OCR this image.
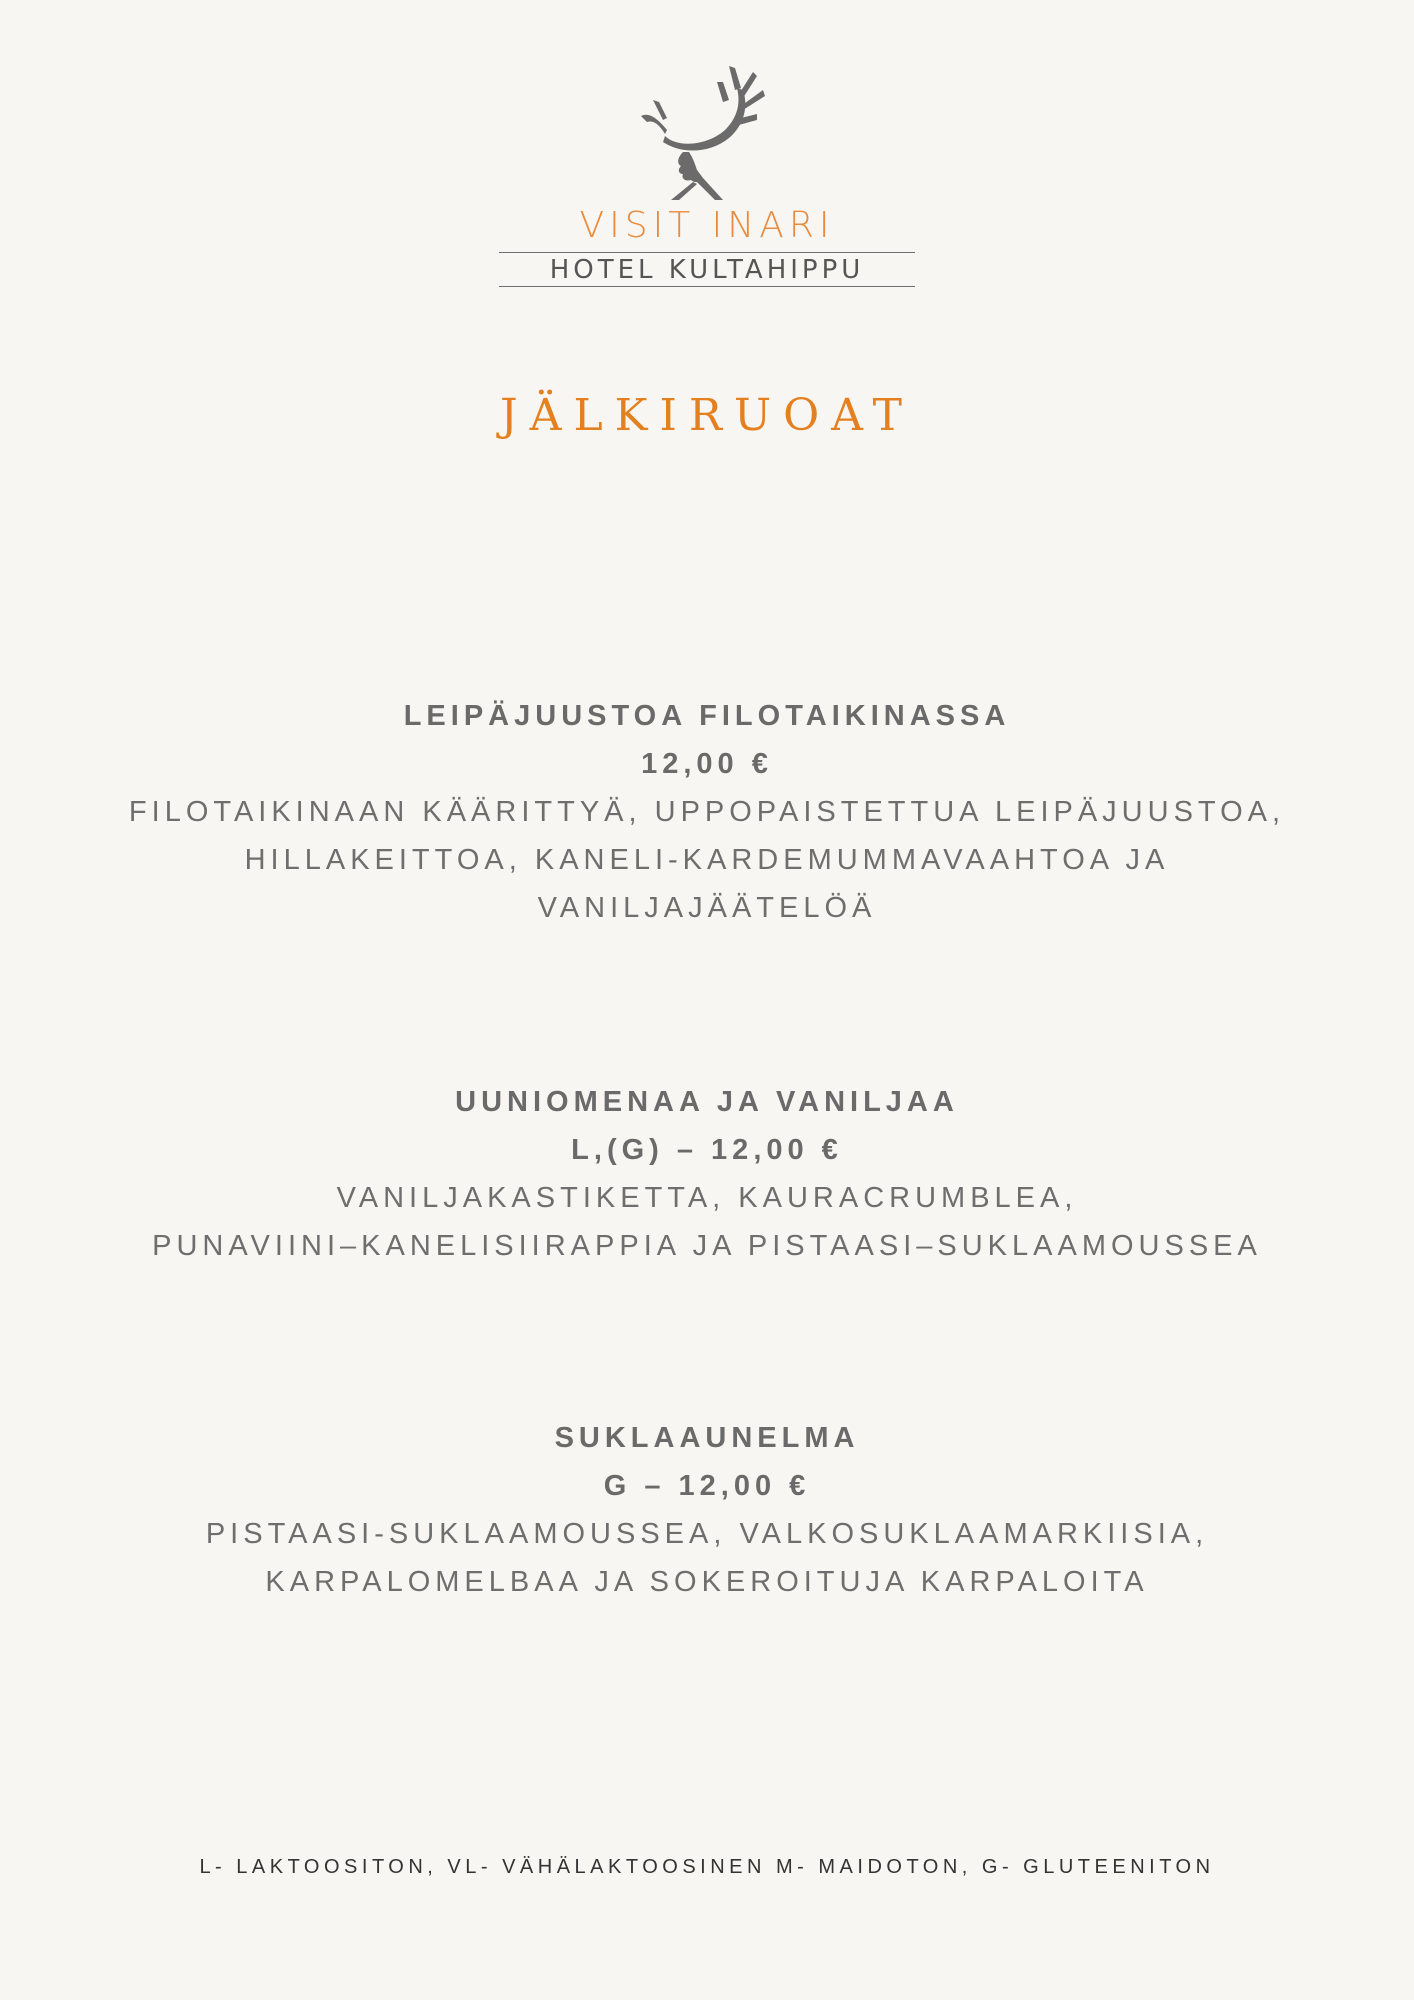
VISIT INARI
HOTEL KULTAHIPPU
JÄLKIRUOAT
LEIPÄJUUSTOA FILOTAIKINASSA
12,00 €
FILOTAIKINAAN KÄÄRITTYÄ, UPPOPAISTETTUA LEIPÄJUUSTOA,
HILLAKEITTOA, KANELI-KARDEMUMMAVAAHTOA JA
VANILJAJÄÄTELÖÄ
UUNIOMENAA JA VANILJAA
L,(G) – 12,00 €
VANILJAKASTIKETTA, KAURACRUMBLEA,
PUNAVIINI–KANELISIIRAPPIA JA PISTAASI–SUKLAAMOUSSEA
SUKLAAUNELMA
G – 12,00 €
PISTAASI-SUKLAAMOUSSEA, VALKOSUKLAAMARKIISIA,
KARPALOMELBAA JA SOKEROITUJA KARPALOITA
L- LAKTOOSITON, VL- VÄHÄLAKTOOSINEN M- MAIDOTON, G- GLUTEENITON
